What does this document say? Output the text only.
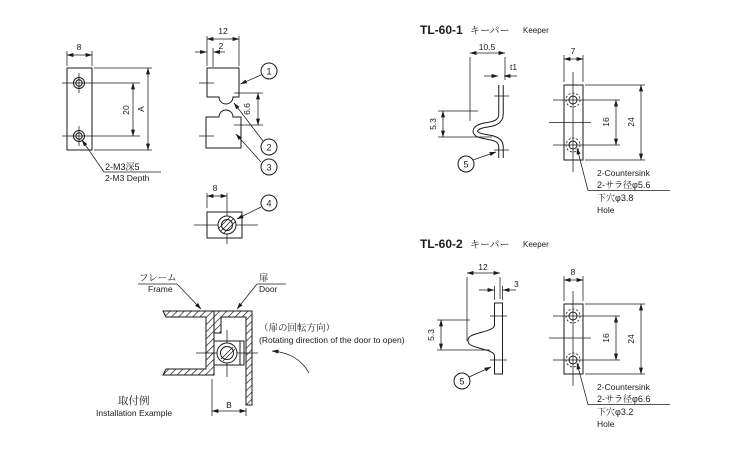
8
20 A
2-M3深5
2-M3 Depth
12
2
6.6
1
2
3
8
4
フレーム
Frame
扉
Door
（扉の回転方向）
(Rotating direction of the door to open)
取付例
Installation Example
B
TL-60-1 キーパー Keeper
10.5
t1
5.3
5
7
16 24
2-Countersink
2-サラ径φ5.6
下穴φ3.8
Hole
TL-60-2 キーパー Keeper
12
3
5.3
5
8
16 24
2-Countersink
2-サラ径φ6.6
下穴φ3.2
Hole
